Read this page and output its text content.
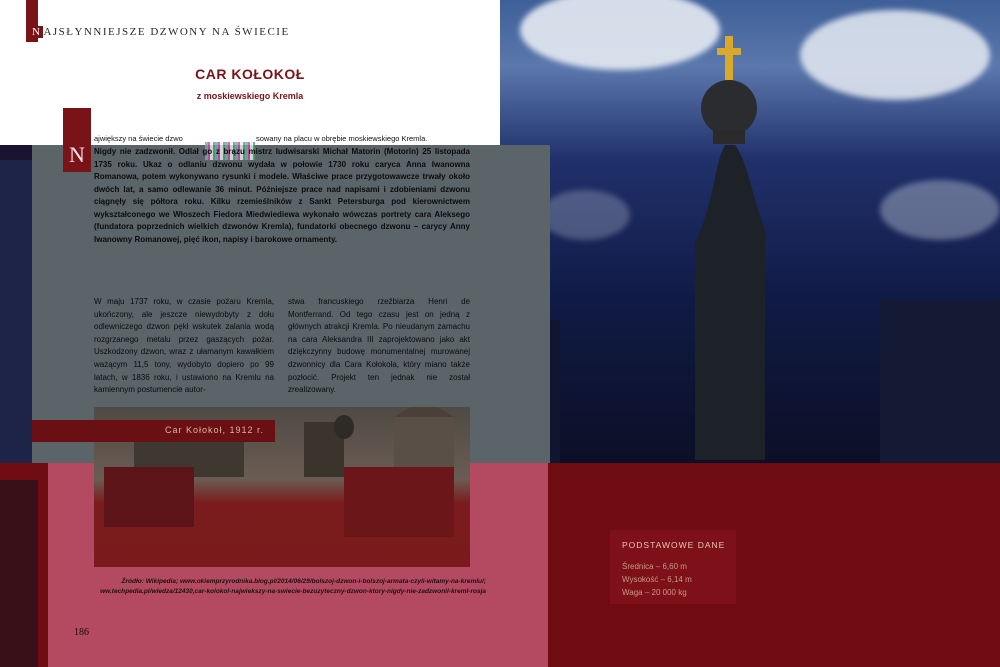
N AJSŁYNNIEJSZE DZWONY NA ŚWIECIE
CAR KOŁOKOŁ
z moskiewskiego Kremla
N
ajwiększy na świecie dzwo	sowany na placu w obrębie moskiewskiego Kremla.

Nigdy nie zadzwonił. Odlał go z brązu mistrz ludwisarski Michał Matorin (Motorin) 25 listopada 1735 roku. Ukaz o odlaniu dzwonu wydała w połowie 1730 roku caryca Anna Iwanowna Romanowa, potem wykonywano rysunki i modele. Właściwe prace przygotowawcze trwały około dwóch lat, a samo odlewanie 36 minut. Późniejsze prace nad napisami i zdobieniami dzwonu ciągnęły się półtora roku. Kilku rzemieślników z Sankt Petersburga pod kierownictwem wykształconego we Włoszech Fiedora Miedwiediewa wykonało wówczas portrety cara Aleksego (fundatora poprzednich wielkich dzwonów Kremla), fundatorki obecnego dzwonu – carycy Anny Iwanowny Romanowej, pięć ikon, napisy i barokowe ornamenty.

W maju 1737 roku, w czasie pożaru Kremla, ukończony, ale jeszcze niewydobyty z dołu odlewniczego dzwon pękł wskutek zalania wodą rozgrzanego metalu przez gaszących pożar. Uszkodzony dzwon, wraz z ułamanym kawałkiem ważącym 11,5 tony, wydobyto dopiero po 99 latach, w 1836 roku, i ustawiono na Kremlu na kamiennym postumencie autor-

stwa francuskiego rzeźbiarza Henri de Montferrand. Od tego czasu jest on jedną z głównych atrakcji Kremla. Po nieudanym zamachu na cara Aleksandra III zaprojektowano jako akt dziękczynny budowę monumentalnej murowanej dzwonnicy dla Cara Kołokoła, który miano także pozłocić. Projekt ten jednak nie został zrealizowany.

Car Kołokoł, 1912 r.
Źródło: Wikipedia; www.okiemprzyrodnika.blog.pl/2014/06/29/bolszoj-dzwon-i-bolszoj-armata-czyli-witamy-na-kremlu/; ww.techpedia.pl/wiedza/12430,car-kolokol-najwiekszy-na-swiecie-bezuzyteczny-dzwon-ktory-nigdy-nie-zadzwonil-kreml-rosja
186
PODSTAWOWE DANE
Średnica – 6,60 m
Wysokość – 6,14 m
Waga – 20 000 kg
